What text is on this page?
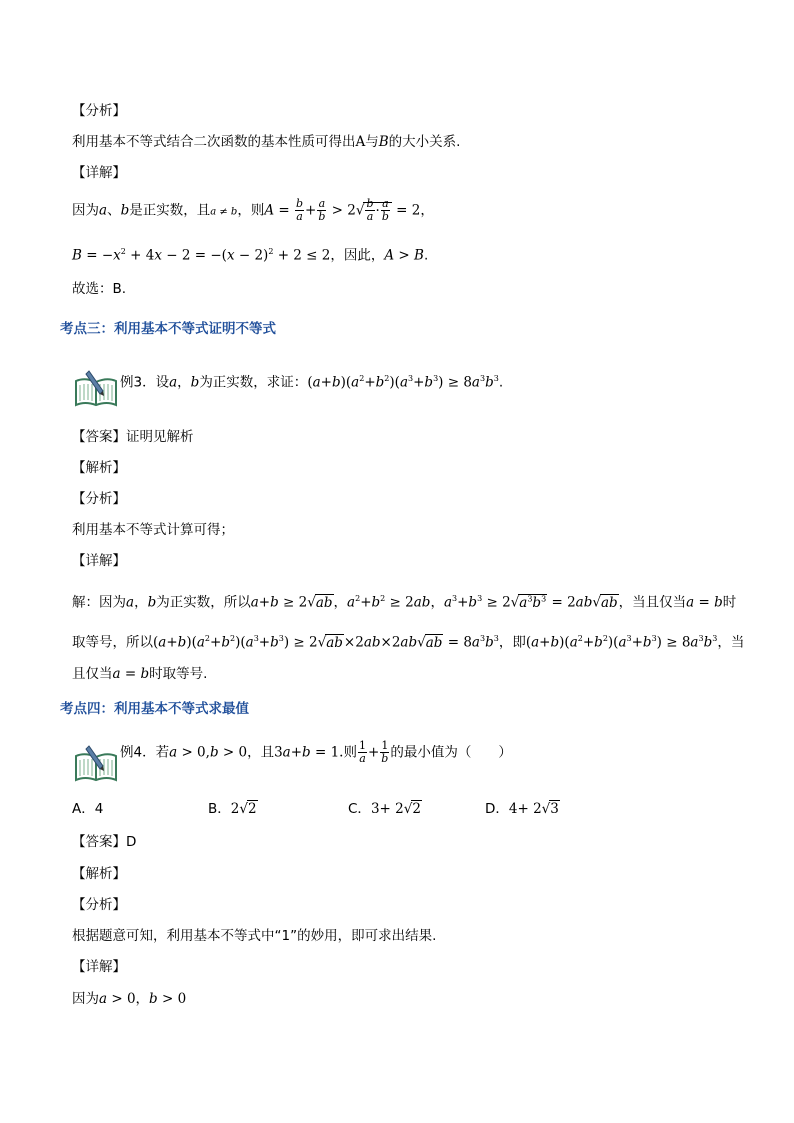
【分析】
利用基本不等式结合二次函数的基本性质可得出A与B的大小关系.
【详解】
因为a、b是正实数，且a ≠ b，则$A = \frac{b}{a} + \frac{a}{b} > 2√ \frac{b}{a} \cdot \frac{a}{b} = 2$，
$B = -x^2 + 4x - 2 = -(x - 2)^2 + 2 \le 2$，因此，A > B.
故选：B.
考点三：利用基本不等式证明不等式
例3．设a，b为正实数，求证：$(a+b)(a^2+b^2)(a^3+b^3) \ge 8a^3b^3$.
【答案】证明见解析
【解析】
【分析】
利用基本不等式计算可得；
【详解】
解：因为a，b为正实数，所以a+b ≥ 2√ab，$a^2+b^2 \ge 2ab$，$a^3+b^3 \ge 2√a^3b^3 = 2ab√ab$，当且仅当a = b时
取等号，所以$(a+b)(a^2+b^2)(a^3+b^3) \ge 2√ab\times 2ab\times 2ab√ab = 8a^3b^3$，即$(a+b)(a^2+b^2)(a^3+b^3) \ge 8a^3b^3$，当
且仅当a = b时取等号.
考点四：利用基本不等式求最值
例4．若a > 0,b > 0，且3a+b = 1.则 $\frac{1}{a} + \frac{1}{b}$ 的最小值为（　　）
A．4	B．2√2	C．3+ 2√2	D．4+ 2√3
【答案】D
【解析】
【分析】
根据题意可知，利用基本不等式中“1”的妙用，即可求出结果.
【详解】
因为a > 0，b > 0
